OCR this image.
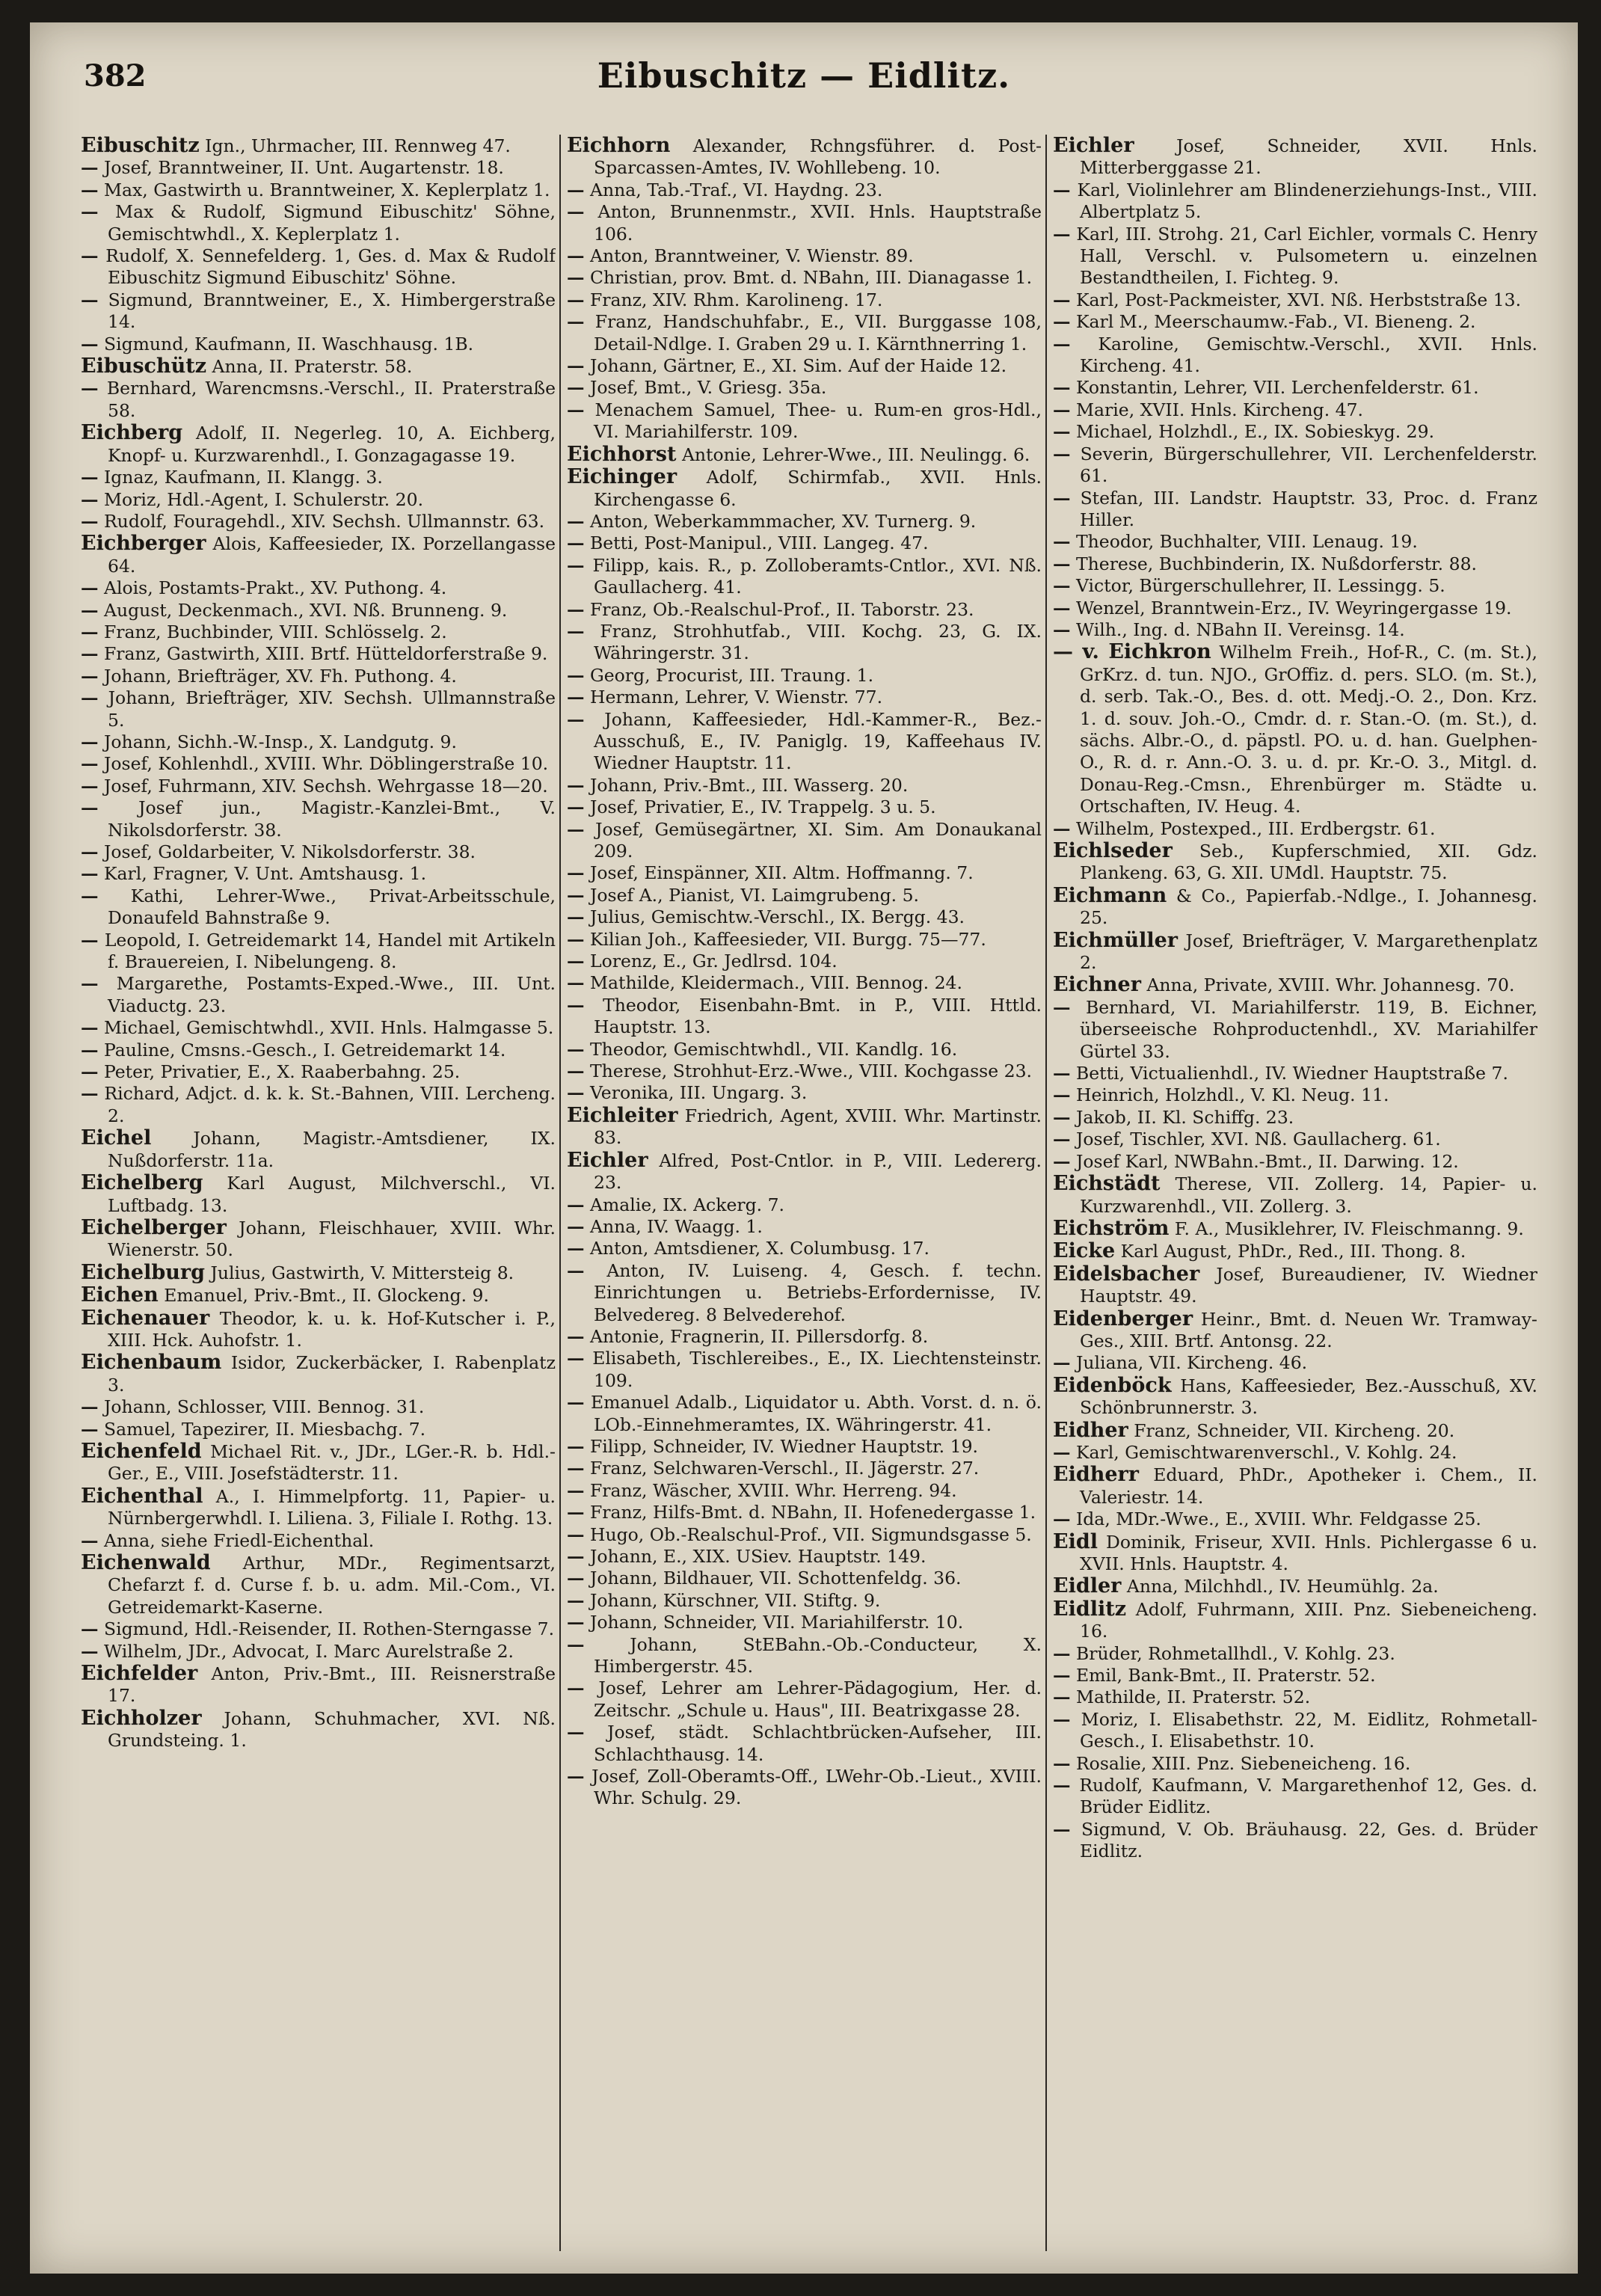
382	Eibuschitz — Eidlitz.
Eibuschitz Ign., Uhrmacher, III. Rennweg 47.
— Josef, Branntweiner, II. Unt. Augartenstr. 18.
— Max, Gastwirth u. Branntweiner, X. Keplerplatz 1.
— Max & Rudolf, Sigmund Eibuschitz' Söhne, Gemischtwhdl., X. Keplerplatz 1.
— Rudolf, X. Sennefelderg. 1, Ges. d. Max & Rudolf Eibuschitz Sigmund Eibuschitz' Söhne.
— Sigmund, Branntweiner, E., X. Himbergerstraße 14.
— Sigmund, Kaufmann, II. Waschhausg. 1B.
Eibuschütz Anna, II. Praterstr. 58.
— Bernhard, Warencmsns.-Verschl., II. Praterstraße 58.
Eichberg Adolf, II. Negerleg. 10, A. Eichberg, Knopf- u. Kurzwarenhdl., I. Gonzagagasse 19.
— Ignaz, Kaufmann, II. Klangg. 3.
— Moriz, Hdl.-Agent, I. Schulerstr. 20.
— Rudolf, Fouragehdl., XIV. Sechsh. Ullmannstr. 63.
Eichberger Alois, Kaffeesieder, IX. Porzellangasse 64.
— Alois, Postamts-Prakt., XV. Puthong. 4.
— August, Deckenmach., XVI. Nß. Brunneng. 9.
— Franz, Buchbinder, VIII. Schlösselg. 2.
— Franz, Gastwirth, XIII. Brtf. Hütteldorferstraße 9.
— Johann, Briefträger, XV. Fh. Puthong. 4.
— Johann, Briefträger, XIV. Sechsh. Ullmannstraße 5.
— Johann, Sichh.-W.-Insp., X. Landgutg. 9.
— Josef, Kohlenhdl., XVIII. Whr. Döblingerstraße 10.
— Josef, Fuhrmann, XIV. Sechsh. Wehrgasse 18—20.
— Josef jun., Magistr.-Kanzlei-Bmt., V. Nikolsdorferstr. 38.
— Josef, Goldarbeiter, V. Nikolsdorferstr. 38.
— Karl, Fragner, V. Unt. Amtshausg. 1.
— Kathi, Lehrer-Wwe., Privat-Arbeitsschule, Donaufeld Bahnstraße 9.
— Leopold, I. Getreidemarkt 14, Handel mit Artikeln f. Brauereien, I. Nibelungeng. 8.
— Margarethe, Postamts-Exped.-Wwe., III. Unt. Viaductg. 23.
— Michael, Gemischtwhdl., XVII. Hnls. Halmgasse 5.
— Pauline, Cmsns.-Gesch., I. Getreidemarkt 14.
— Peter, Privatier, E., X. Raaberbahng. 25.
— Richard, Adjct. d. k. k. St.-Bahnen, VIII. Lercheng. 2.
Eichel Johann, Magistr.-Amtsdiener, IX. Nußdorferstr. 11a.
Eichelberg Karl August, Milchverschl., VI. Luftbadg. 13.
Eichelberger Johann, Fleischhauer, XVIII. Whr. Wienerstr. 50.
Eichelburg Julius, Gastwirth, V. Mittersteig 8.
Eichen Emanuel, Priv.-Bmt., II. Glockeng. 9.
Eichenauer Theodor, k. u. k. Hof-Kutscher i. P., XIII. Hck. Auhofstr. 1.
Eichenbaum Isidor, Zuckerbäcker, I. Rabenplatz 3.
— Johann, Schlosser, VIII. Bennog. 31.
— Samuel, Tapezirer, II. Miesbachg. 7.
Eichenfeld Michael Rit. v., JDr., LGer.-R. b. Hdl.-Ger., E., VIII. Josefstädterstr. 11.
Eichenthal A., I. Himmelpfortg. 11, Papier- u. Nürnbergerwhdl. I. Liliena. 3, Filiale I. Rothg. 13.
— Anna, siehe Friedl-Eichenthal.
Eichenwald Arthur, MDr., Regimentsarzt, Chefarzt f. d. Curse f. b. u. adm. Mil.-Com., VI. Getreidemarkt-Kaserne.
— Sigmund, Hdl.-Reisender, II. Rothen-Sterngasse 7.
— Wilhelm, JDr., Advocat, I. Marc Aurelstraße 2.
Eichfelder Anton, Priv.-Bmt., III. Reisnerstraße 17.
Eichholzer Johann, Schuhmacher, XVI. Nß. Grundsteing. 1.
Eichhorn Alexander, Rchngsführer. d. Post-Sparcassen-Amtes, IV. Wohllebeng. 10.
— Anna, Tab.-Traf., VI. Haydng. 23.
— Anton, Brunnenmstr., XVII. Hnls. Hauptstraße 106.
— Anton, Branntweiner, V. Wienstr. 89.
— Christian, prov. Bmt. d. NBahn, III. Dianagasse 1.
— Franz, XIV. Rhm. Karolineng. 17.
— Franz, Handschuhfabr., E., VII. Burggasse 108, Detail-Ndlge. I. Graben 29 u. I. Kärnthnerring 1.
— Johann, Gärtner, E., XI. Sim. Auf der Haide 12.
— Josef, Bmt., V. Griesg. 35a.
— Menachem Samuel, Thee- u. Rum-en gros-Hdl., VI. Mariahilferstr. 109.
Eichhorst Antonie, Lehrer-Wwe., III. Neulingg. 6.
Eichinger Adolf, Schirmfab., XVII. Hnls. Kirchengasse 6.
— Anton, Weberkammmacher, XV. Turnerg. 9.
— Betti, Post-Manipul., VIII. Langeg. 47.
— Filipp, kais. R., p. Zolloberamts-Cntlor., XVI. Nß. Gaullacherg. 41.
— Franz, Ob.-Realschul-Prof., II. Taborstr. 23.
— Franz, Strohhutfab., VIII. Kochg. 23, G. IX. Währingerstr. 31.
— Georg, Procurist, III. Traung. 1.
— Hermann, Lehrer, V. Wienstr. 77.
— Johann, Kaffeesieder, Hdl.-Kammer-R., Bez.-Ausschuß, E., IV. Paniglg. 19, Kaffeehaus IV. Wiedner Hauptstr. 11.
— Johann, Priv.-Bmt., III. Wasserg. 20.
— Josef, Privatier, E., IV. Trappelg. 3 u. 5.
— Josef, Gemüsegärtner, XI. Sim. Am Donaukanal 209.
— Josef, Einspänner, XII. Altm. Hoffmanng. 7.
— Josef A., Pianist, VI. Laimgrubeng. 5.
— Julius, Gemischtw.-Verschl., IX. Bergg. 43.
— Kilian Joh., Kaffeesieder, VII. Burgg. 75—77.
— Lorenz, E., Gr. Jedlrsd. 104.
— Mathilde, Kleidermach., VIII. Bennog. 24.
— Theodor, Eisenbahn-Bmt. in P., VIII. Httld. Hauptstr. 13.
— Theodor, Gemischtwhdl., VII. Kandlg. 16.
— Therese, Strohhut-Erz.-Wwe., VIII. Kochgasse 23.
— Veronika, III. Ungarg. 3.
Eichleiter Friedrich, Agent, XVIII. Whr. Martinstr. 83.
Eichler Alfred, Post-Cntlor. in P., VIII. Ledererg. 23.
— Amalie, IX. Ackerg. 7.
— Anna, IV. Waagg. 1.
— Anton, Amtsdiener, X. Columbusg. 17.
— Anton, IV. Luiseng. 4, Gesch. f. techn. Einrichtungen u. Betriebs-Erfordernisse, IV. Belvedereg. 8 Belvederehof.
— Antonie, Fragnerin, II. Pillersdorfg. 8.
— Elisabeth, Tischlereibes., E., IX. Liechtensteinstr. 109.
— Emanuel Adalb., Liquidator u. Abth. Vorst. d. n. ö. LOb.-Einnehmeramtes, IX. Währingerstr. 41.
— Filipp, Schneider, IV. Wiedner Hauptstr. 19.
— Franz, Selchwaren-Verschl., II. Jägerstr. 27.
— Franz, Wäscher, XVIII. Whr. Herreng. 94.
— Franz, Hilfs-Bmt. d. NBahn, II. Hofenedergasse 1.
— Hugo, Ob.-Realschul-Prof., VII. Sigmundsgasse 5.
— Johann, E., XIX. USiev. Hauptstr. 149.
— Johann, Bildhauer, VII. Schottenfeldg. 36.
— Johann, Kürschner, VII. Stiftg. 9.
— Johann, Schneider, VII. Mariahilferstr. 10.
—	Johann, StEBahn.-Ob.-Conducteur, X. Himbergerstr. 45.
— Josef, Lehrer am Lehrer-Pädagogium, Her. d. Zeitschr. „Schule u. Haus", III. Beatrixgasse 28.
— Josef, städt. Schlachtbrücken-Aufseher, III. Schlachthausg. 14.
— Josef, Zoll-Oberamts-Off., LWehr-Ob.-Lieut., XVIII. Whr. Schulg. 29.
Eichler Josef, Schneider, XVII. Hnls. Mitterberggasse 21.
— Karl, Violinlehrer am Blindenerziehungs-Inst., VIII. Albertplatz 5.
— Karl, III. Strohg. 21, Carl Eichler, vormals C. Henry Hall, Verschl. v. Pulsometern u. einzelnen Bestandtheilen, I. Fichteg. 9.
— Karl, Post-Packmeister, XVI. Nß. Herbststraße 13.
— Karl M., Meerschaumw.-Fab., VI. Bieneng. 2.
— Karoline, Gemischtw.-Verschl., XVII. Hnls. Kircheng. 41.
— Konstantin, Lehrer, VII. Lerchenfelderstr. 61.
— Marie, XVII. Hnls. Kircheng. 47.
— Michael, Holzhdl., E., IX. Sobieskyg. 29.
— Severin, Bürgerschullehrer, VII. Lerchenfelderstr. 61.
— Stefan, III. Landstr. Hauptstr. 33, Proc. d. Franz Hiller.
— Theodor, Buchhalter, VIII. Lenaug. 19.
— Therese, Buchbinderin, IX. Nußdorferstr. 88.
— Victor, Bürgerschullehrer, II. Lessingg. 5.
— Wenzel, Branntwein-Erz., IV. Weyringergasse 19.
— Wilh., Ing. d. NBahn II. Vereinsg. 14.
— v. Eichkron Wilhelm Freih., Hof-R., C. (m. St.), GrKrz. d. tun. NJO., GrOffiz. d. pers. SLO. (m. St.), d. serb. Tak.-O., Bes. d. ott. Medj.-O. 2., Don. Krz. 1. d. souv. Joh.-O., Cmdr. d. r. Stan.-O. (m. St.), d. sächs. Albr.-O., d. päpstl. PO. u. d. han. Guelphen-O., R. d. r. Ann.-O. 3. u. d. pr. Kr.-O. 3., Mitgl. d. Donau-Reg.-Cmsn., Ehrenbürger m. Städte u. Ortschaften, IV. Heug. 4.
— Wilhelm, Postexped., III. Erdbergstr. 61.
Eichlseder Seb., Kupferschmied, XII. Gdz. Plankeng. 63, G. XII. UMdl. Hauptstr. 75.
Eichmann & Co., Papierfab.-Ndlge., I. Johannesg. 25.
Eichmüller Josef, Briefträger, V. Margarethenplatz 2.
Eichner Anna, Private, XVIII. Whr. Johannesg. 70.
— Bernhard, VI. Mariahilferstr. 119, B. Eichner, überseeische Rohproductenhdl., XV. Mariahilfer Gürtel 33.
— Betti, Victualienhdl., IV. Wiedner Hauptstraße 7.
— Heinrich, Holzhdl., V. Kl. Neug. 11.
— Jakob, II. Kl. Schiffg. 23.
— Josef, Tischler, XVI. Nß. Gaullacherg. 61.
— Josef Karl, NWBahn.-Bmt., II. Darwing. 12.
Eichstädt Therese, VII. Zollerg. 14, Papier- u. Kurzwarenhdl., VII. Zollerg. 3.
Eichström F. A., Musiklehrer, IV. Fleischmanng. 9.
Eicke Karl August, PhDr., Red., III. Thong. 8.
Eidelsbacher Josef, Bureaudiener, IV. Wiedner Hauptstr. 49.
Eidenberger Heinr., Bmt. d. Neuen Wr. Tramway-Ges., XIII. Brtf. Antonsg. 22.
— Juliana, VII. Kircheng. 46.
Eidenböck Hans, Kaffeesieder, Bez.-Ausschuß, XV. Schönbrunnerstr. 3.
Eidher Franz, Schneider, VII. Kircheng. 20.
— Karl, Gemischtwarenverschl., V. Kohlg. 24.
Eidherr Eduard, PhDr., Apotheker i. Chem., II. Valeriestr. 14.
— Ida, MDr.-Wwe., E., XVIII. Whr. Feldgasse 25.
Eidl Dominik, Friseur, XVII. Hnls. Pichlergasse 6 u. XVII. Hnls. Hauptstr. 4.
Eidler Anna, Milchhdl., IV. Heumühlg. 2a.
Eidlitz Adolf, Fuhrmann, XIII. Pnz. Siebeneicheng. 16.
— Brüder, Rohmetallhdl., V. Kohlg. 23.
— Emil, Bank-Bmt., II. Praterstr. 52.
— Mathilde, II. Praterstr. 52.
— Moriz, I. Elisabethstr. 22, M. Eidlitz, Rohmetall-Gesch., I. Elisabethstr. 10.
— Rosalie, XIII. Pnz. Siebeneicheng. 16.
— Rudolf, Kaufmann, V. Margarethenhof 12, Ges. d. Brüder Eidlitz.
— Sigmund, V. Ob. Bräuhausg. 22, Ges. d. Brüder Eidlitz.
